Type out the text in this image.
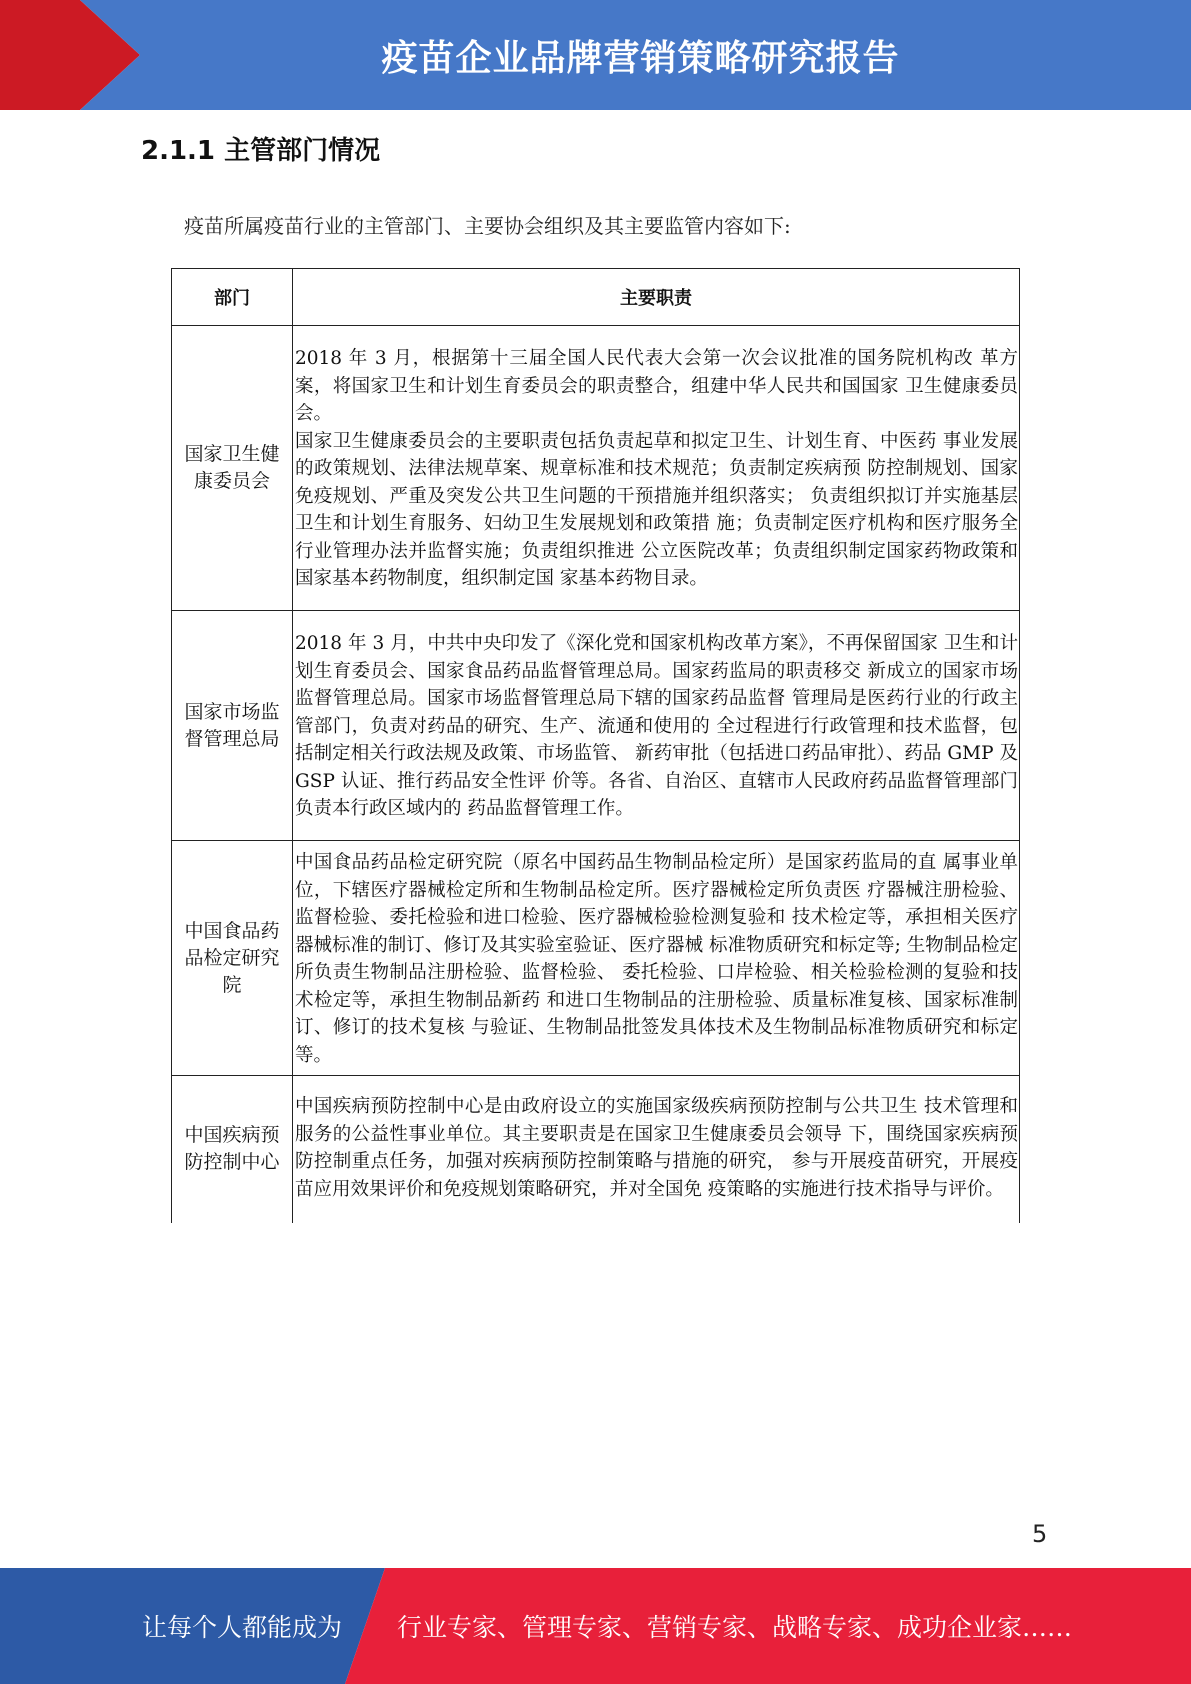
疫苗企业品牌营销策略研究报告
2.1.1 主管部门情况
疫苗所属疫苗行业的主管部门、主要协会组织及其主要监管内容如下:
部门	主要职责
国家卫生健康委员会	2018 年 3 月，根据第十三届全国人民代表大会第一次会议批准的国务院机构改 革方案，将国家卫生和计划生育委员会的职责整合，组建中华人民共和国国家 卫生健康委员会。

国家卫生健康委员会的主要职责包括负责起草和拟定卫生、计划生育、中医药 事业发展的政策规划、法律法规草案、规章标准和技术规范；负责制定疾病预 防控制规划、国家免疫规划、严重及突发公共卫生问题的干预措施并组织落实； 负责组织拟订并实施基层卫生和计划生育服务、妇幼卫生发展规划和政策措 施；负责制定医疗机构和医疗服务全行业管理办法并监督实施；负责组织推进 公立医院改革；负责组织制定国家药物政策和国家基本药物制度，组织制定国 家基本药物目录。

国家市场监督管理总局	2018 年 3 月，中共中央印发了《深化党和国家机构改革方案》，不再保留国家 卫生和计划生育委员会、国家食品药品监督管理总局。国家药监局的职责移交 新成立的国家市场监督管理总局。国家市场监督管理总局下辖的国家药品监督 管理局是医药行业的行政主管部门，负责对药品的研究、生产、流通和使用的 全过程进行行政管理和技术监督，包括制定相关行政法规及政策、市场监管、 新药审批（包括进口药品审批）、药品 GMP 及 GSP 认证、推行药品安全性评 价等。各省、自治区、直辖市人民政府药品监督管理部门负责本行政区域内的 药品监督管理工作。

中国食品药品检定研究院	中国食品药品检定研究院（原名中国药品生物制品检定所）是国家药监局的直 属事业单位，下辖医疗器械检定所和生物制品检定所。医疗器械检定所负责医 疗器械注册检验、监督检验、委托检验和进口检验、医疗器械检验检测复验和 技术检定等，承担相关医疗器械标准的制订、修订及其实验室验证、医疗器械 标准物质研究和标定等; 生物制品检定所负责生物制品注册检验、监督检验、 委托检验、口岸检验、相关检验检测的复验和技术检定等，承担生物制品新药 和进口生物制品的注册检验、质量标准复核、国家标准制订、修订的技术复核 与验证、生物制品批签发具体技术及生物制品标准物质研究和标定等。

中国疾病预防控制中心	中国疾病预防控制中心是由政府设立的实施国家级疾病预防控制与公共卫生 技术管理和服务的公益性事业单位。其主要职责是在国家卫生健康委员会领导 下，围绕国家疾病预防控制重点任务，加强对疾病预防控制策略与措施的研究， 参与开展疫苗研究，开展疫苗应用效果评价和免疫规划策略研究，并对全国免 疫策略的实施进行技术指导与评价。

5
让每个人都能成为 行业专家、管理专家、营销专家、战略专家、成功企业家……
